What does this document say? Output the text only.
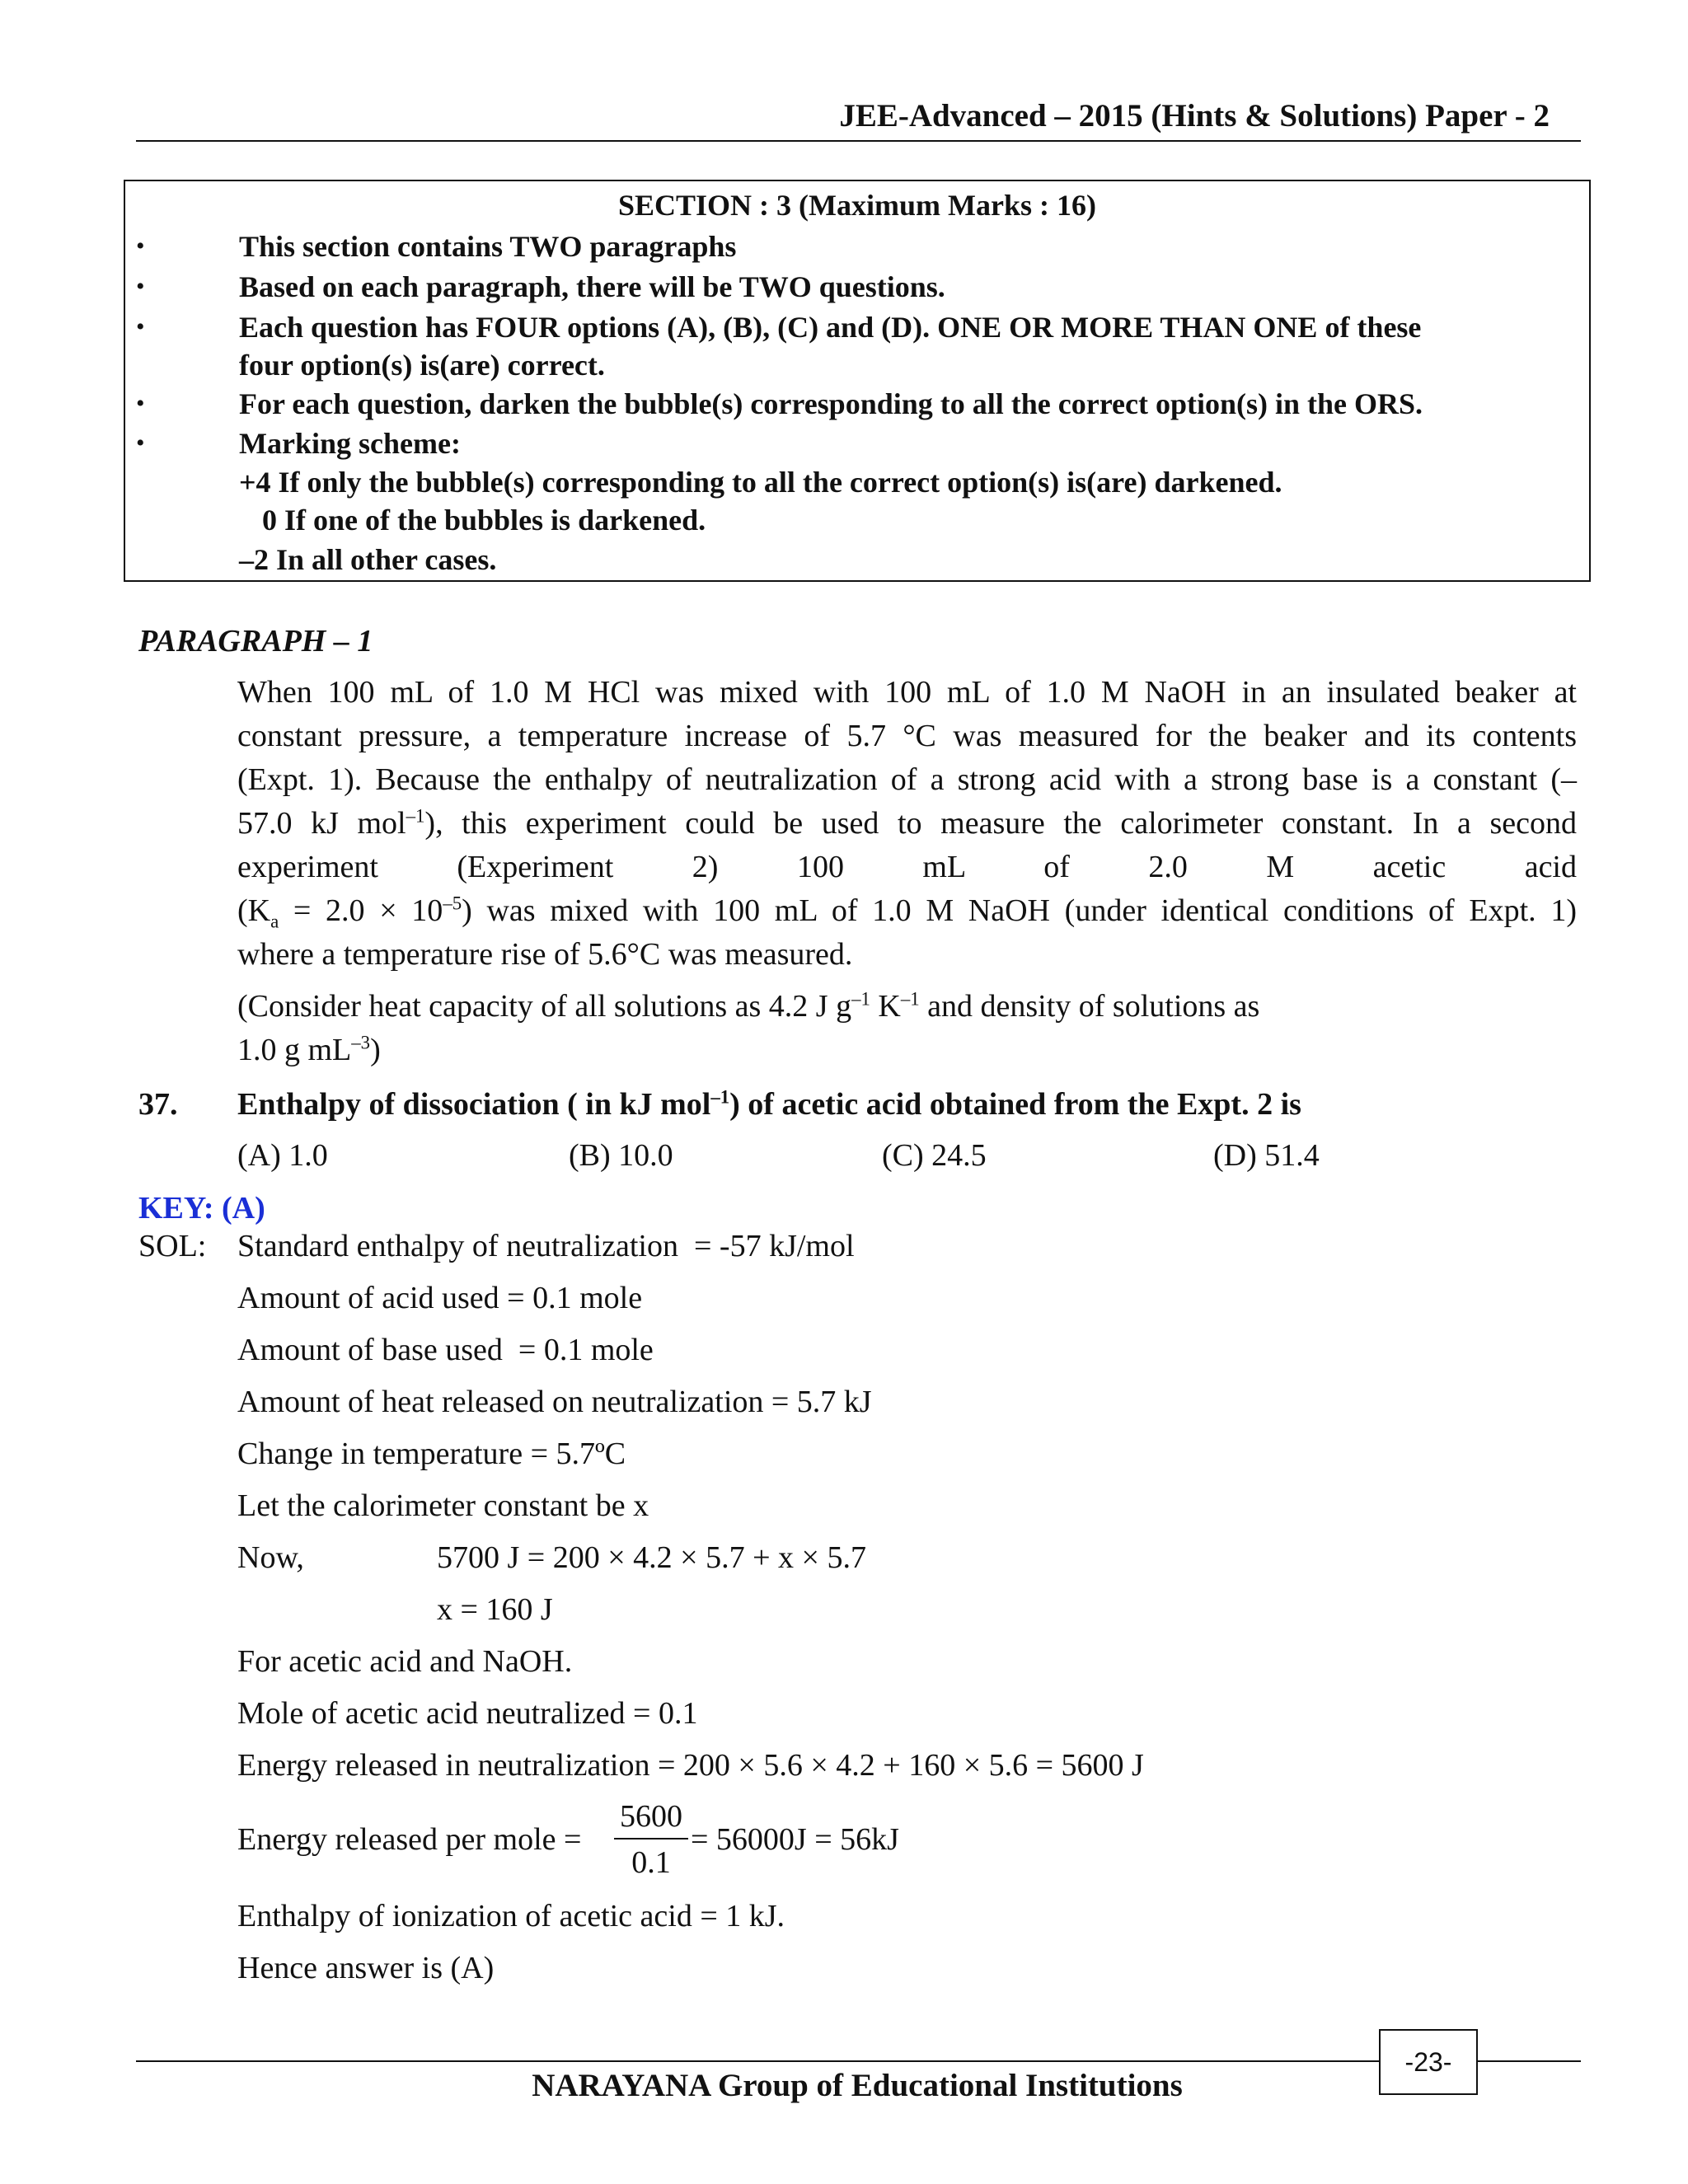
JEE-Advanced – 2015 (Hints & Solutions) Paper - 2
SECTION : 3 (Maximum Marks : 16)
•	This section contains TWO paragraphs
•	Based on each paragraph, there will be TWO questions.
•	Each question has FOUR options (A), (B), (C) and (D). ONE OR MORE THAN ONE of these
four option(s) is(are) correct.
•	For each question, darken the bubble(s) corresponding to all the correct option(s) in the ORS.
•	Marking scheme:
+4 If only the bubble(s) corresponding to all the correct option(s) is(are) darkened.
0 If one of the bubbles is darkened.
–2 In all other cases.
PARAGRAPH – 1
When 100 mL of 1.0 M HCl was mixed with 100 mL of 1.0 M NaOH in an insulated beaker at
constant pressure, a temperature increase of 5.7 °C was measured for the beaker and its contents
(Expt. 1). Because the enthalpy of neutralization of a strong acid with a strong base is a constant (–
57.0 kJ mol$^{-1}$), this experiment could be used to measure the calorimeter constant. In a second
experiment (Experiment 2) 100 mL of 2.0 M acetic acid
$(K_a = 2.0 \times 10^{-5})$ was mixed with 100 mL of 1.0 M NaOH (under identical conditions of Expt. 1)
where a temperature rise of 5.6°C was measured.
(Consider heat capacity of all solutions as 4.2 J $g^{-1}$ $K^{-1}$ and density of solutions as
1.0 g $mL^{-3}$)
37. Enthalpy of dissociation ( in kJ mol$^{-1}$) of acetic acid obtained from the Expt. 2 is
(A) 1.0	(B) 10.0	(C) 24.5	(D) 51.4
KEY: (A)
SOL: Standard enthalpy of neutralization  = -57 kJ/mol
Amount of acid used = 0.1 mole
Amount of base used  = 0.1 mole
Amount of heat released on neutralization = 5.7 kJ
Change in temperature = 5.7ºC
Let the calorimeter constant be x
Now,	5700 J = 200 × 4.2 × 5.7 + x × 5.7
x = 160 J
For acetic acid and NaOH.
Mole of acetic acid neutralized = 0.1
Energy released in neutralization = 200 × 5.6 × 4.2 + 160 × 5.6 = 5600 J
Energy released per mole =
5600
0.1
= 56000J = 56kJ
Enthalpy of ionization of acetic acid = 1 kJ.
Hence answer is (A)
-23-
NARAYANA Group of Educational Institutions
